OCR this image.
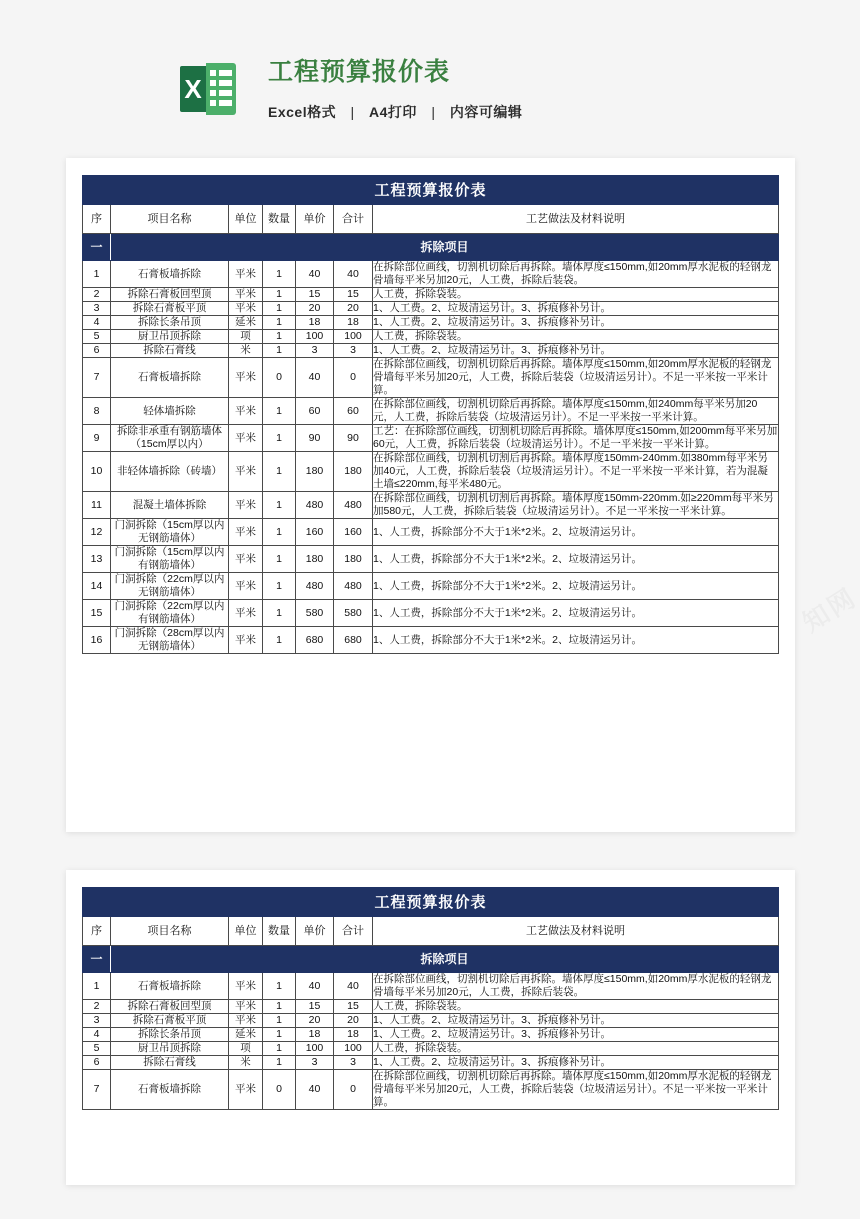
X
工程预算报价表
Excel格式 | A4打印 | 内容可编辑
工程预算报价表						
序	项目名称	单位	数量	单价	合计	工艺做法及材料说明
一	拆除项目					
1	石膏板墙拆除	平米	1	40	40	在拆除部位画线，切割机切除后再拆除。墙体厚度≤150mm,如20mm厚水泥板的轻钢龙骨墙每平米另加20元，人工费，拆除后装袋。
2	拆除石膏板回型顶	平米	1	15	15	人工费，拆除袋装。
3	拆除石膏板平顶	平米	1	20	20	1、人工费。2、垃圾清运另计。3、拆痕修补另计。
4	拆除长条吊顶	延米	1	18	18	1、人工费。2、垃圾清运另计。3、拆痕修补另计。
5	厨卫吊顶拆除	项	1	100	100	人工费，拆除袋装。
6	拆除石膏线	米	1	3	3	1、人工费。2、垃圾清运另计。3、拆痕修补另计。
7	石膏板墙拆除	平米	0	40	0	在拆除部位画线，切割机切除后再拆除。墙体厚度≤150mm,如20mm厚水泥板的轻钢龙骨墙每平米另加20元，人工费，拆除后装袋（垃圾清运另计）。不足一平米按一平米计算。
8	轻体墙拆除	平米	1	60	60	在拆除部位画线，切割机切除后再拆除。墙体厚度≤150mm,如240mm每平米另加20元，人工费，拆除后装袋（垃圾清运另计）。不足一平米按一平米计算。
9	拆除非承重有钢筋墙体（15cm厚以内）	平米	1	90	90	工艺：在拆除部位画线，切割机切除后再拆除。墙体厚度≤150mm,如200mm每平米另加60元，人工费，拆除后装袋（垃圾清运另计）。不足一平米按一平米计算。
10	非轻体墙拆除（砖墙）	平米	1	180	180	在拆除部位画线，切割机切割后再拆除。墙体厚度150mm-240mm.如380mm每平米另加40元，人工费，拆除后装袋（垃圾清运另计）。不足一平米按一平米计算，若为混凝土墙≤220mm,每平米480元。
11	混凝土墙体拆除	平米	1	480	480	在拆除部位画线，切割机切割后再拆除。墙体厚度150mm-220mm.如≥220mm每平米另加580元，人工费，拆除后装袋（垃圾清运另计）。不足一平米按一平米计算。
12	门洞拆除（15cm厚以内无钢筋墙体）	平米	1	160	160	1、人工费，拆除部分不大于1米*2米。2、垃圾清运另计。
13	门洞拆除（15cm厚以内有钢筋墙体）	平米	1	180	180	1、人工费，拆除部分不大于1米*2米。2、垃圾清运另计。
14	门洞拆除（22cm厚以内无钢筋墙体）	平米	1	480	480	1、人工费，拆除部分不大于1米*2米。2、垃圾清运另计。
15	门洞拆除（22cm厚以内有钢筋墙体）	平米	1	580	580	1、人工费，拆除部分不大于1米*2米。2、垃圾清运另计。
16	门洞拆除（28cm厚以内无钢筋墙体）	平米	1	680	680	1、人工费，拆除部分不大于1米*2米。2、垃圾清运另计。
工程预算报价表						
序	项目名称	单位	数量	单价	合计	工艺做法及材料说明
一	拆除项目					
1	石膏板墙拆除	平米	1	40	40	在拆除部位画线，切割机切除后再拆除。墙体厚度≤150mm,如20mm厚水泥板的轻钢龙骨墙每平米另加20元，人工费，拆除后装袋。
2	拆除石膏板回型顶	平米	1	15	15	人工费，拆除袋装。
3	拆除石膏板平顶	平米	1	20	20	1、人工费。2、垃圾清运另计。3、拆痕修补另计。
4	拆除长条吊顶	延米	1	18	18	1、人工费。2、垃圾清运另计。3、拆痕修补另计。
5	厨卫吊顶拆除	项	1	100	100	人工费，拆除袋装。
6	拆除石膏线	米	1	3	3	1、人工费。2、垃圾清运另计。3、拆痕修补另计。
7	石膏板墙拆除	平米	0	40	0	在拆除部位画线，切割机切除后再拆除。墙体厚度≤150mm,如20mm厚水泥板的轻钢龙骨墙每平米另加20元，人工费，拆除后装袋（垃圾清运另计）。不足一平米按一平米计算。
